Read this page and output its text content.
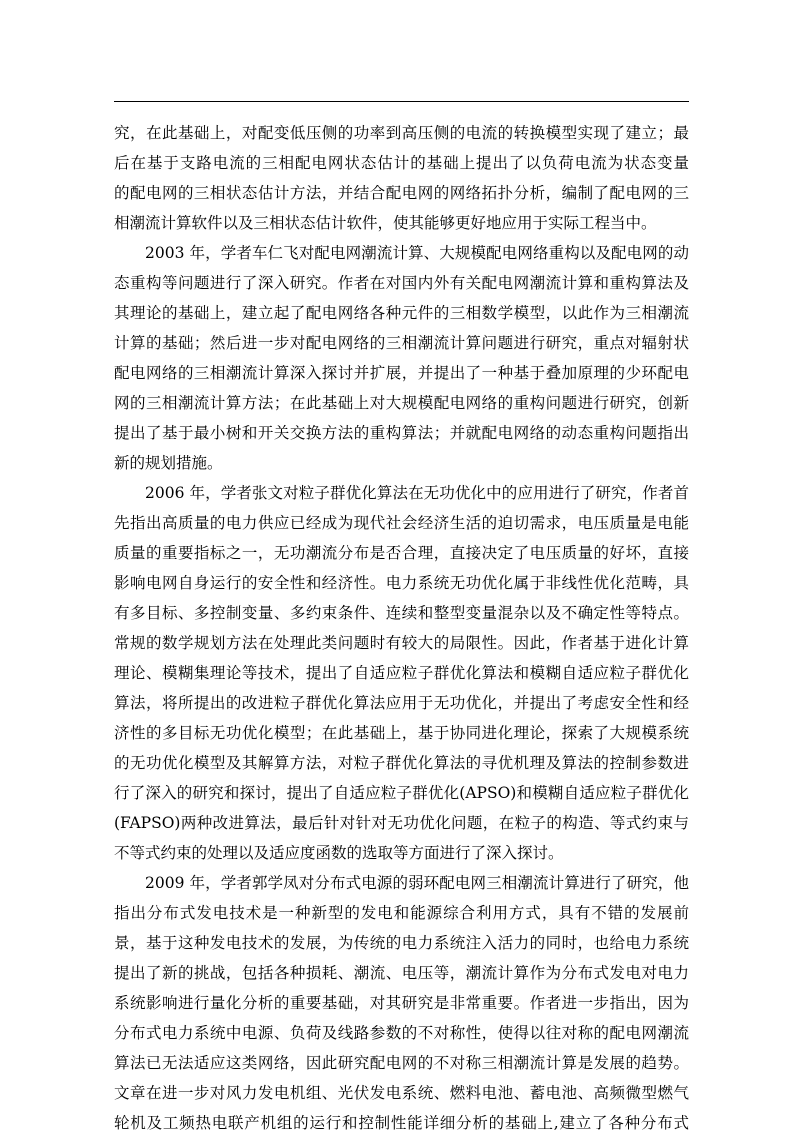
究，在此基础上，对配变低压侧的功率到高压侧的电流的转换模型实现了建立；最
后在基于支路电流的三相配电网状态估计的基础上提出了以负荷电流为状态变量
的配电网的三相状态估计方法，并结合配电网的网络拓扑分析，编制了配电网的三
相潮流计算软件以及三相状态估计软件，使其能够更好地应用于实际工程当中。
2003 年，学者车仁飞对配电网潮流计算、大规模配电网络重构以及配电网的动
态重构等问题进行了深入研究。作者在对国内外有关配电网潮流计算和重构算法及
其理论的基础上，建立起了配电网络各种元件的三相数学模型，以此作为三相潮流
计算的基础；然后进一步对配电网络的三相潮流计算问题进行研究，重点对辐射状
配电网络的三相潮流计算深入探讨并扩展，并提出了一种基于叠加原理的少环配电
网的三相潮流计算方法；在此基础上对大规模配电网络的重构问题进行研究，创新
提出了基于最小树和开关交换方法的重构算法；并就配电网络的动态重构问题指出
新的规划措施。
2006 年，学者张文对粒子群优化算法在无功优化中的应用进行了研究，作者首
先指出高质量的电力供应已经成为现代社会经济生活的迫切需求，电压质量是电能
质量的重要指标之一，无功潮流分布是否合理，直接决定了电压质量的好坏，直接
影响电网自身运行的安全性和经济性。电力系统无功优化属于非线性优化范畴，具
有多目标、多控制变量、多约束条件、连续和整型变量混杂以及不确定性等特点。
常规的数学规划方法在处理此类问题时有较大的局限性。因此，作者基于进化计算
理论、模糊集理论等技术，提出了自适应粒子群优化算法和模糊自适应粒子群优化
算法，将所提出的改进粒子群优化算法应用于无功优化，并提出了考虑安全性和经
济性的多目标无功优化模型；在此基础上，基于协同进化理论，探索了大规模系统
的无功优化模型及其解算方法，对粒子群优化算法的寻优机理及算法的控制参数进
行了深入的研究和探讨，提出了自适应粒子群优化(APSO)和模糊自适应粒子群优化
(FAPSO)两种改进算法，最后针对针对无功优化问题，在粒子的构造、等式约束与
不等式约束的处理以及适应度函数的选取等方面进行了深入探讨。
2009 年，学者郭学凤对分布式电源的弱环配电网三相潮流计算进行了研究，他
指出分布式发电技术是一种新型的发电和能源综合利用方式，具有不错的发展前
景，基于这种发电技术的发展，为传统的电力系统注入活力的同时，也给电力系统
提出了新的挑战，包括各种损耗、潮流、电压等，潮流计算作为分布式发电对电力
系统影响进行量化分析的重要基础，对其研究是非常重要。作者进一步指出，因为
分布式电力系统中电源、负荷及线路参数的不对称性，使得以往对称的配电网潮流
算法已无法适应这类网络，因此研究配电网的不对称三相潮流计算是发展的趋势。
文章在进一步对风力发电机组、光伏发电系统、燃料电池、蓄电池、高频微型燃气
轮机及工频热电联产机组的运行和控制性能详细分析的基础上,建立了各种分布式
